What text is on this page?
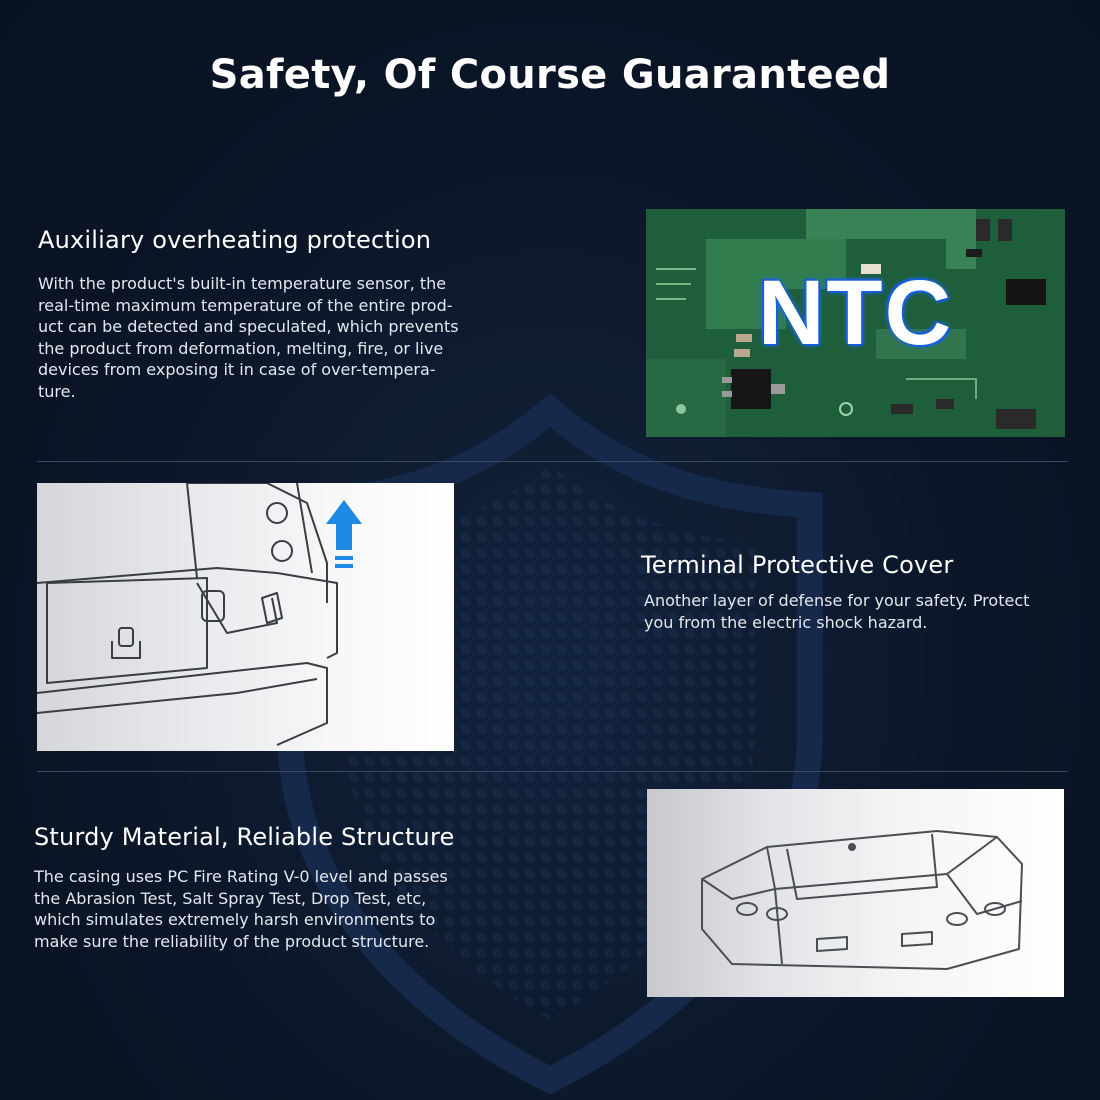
Safety, Of Course Guaranteed
Auxiliary overheating protection
With the product's built-in temperature sensor, the
real-time maximum temperature of the entire prod-
uct can be detected and speculated, which prevents
the product from deformation, melting, fire, or live
devices from exposing it in case of over-tempera-
ture.
NTC
Terminal Protective Cover
Another layer of defense for your safety. Protect
you from the electric shock hazard.
Sturdy Material, Reliable Structure
The casing uses PC Fire Rating V-0 level and passes
the Abrasion Test, Salt Spray Test, Drop Test, etc,
which simulates extremely harsh environments to
make sure the reliability of the product structure.
